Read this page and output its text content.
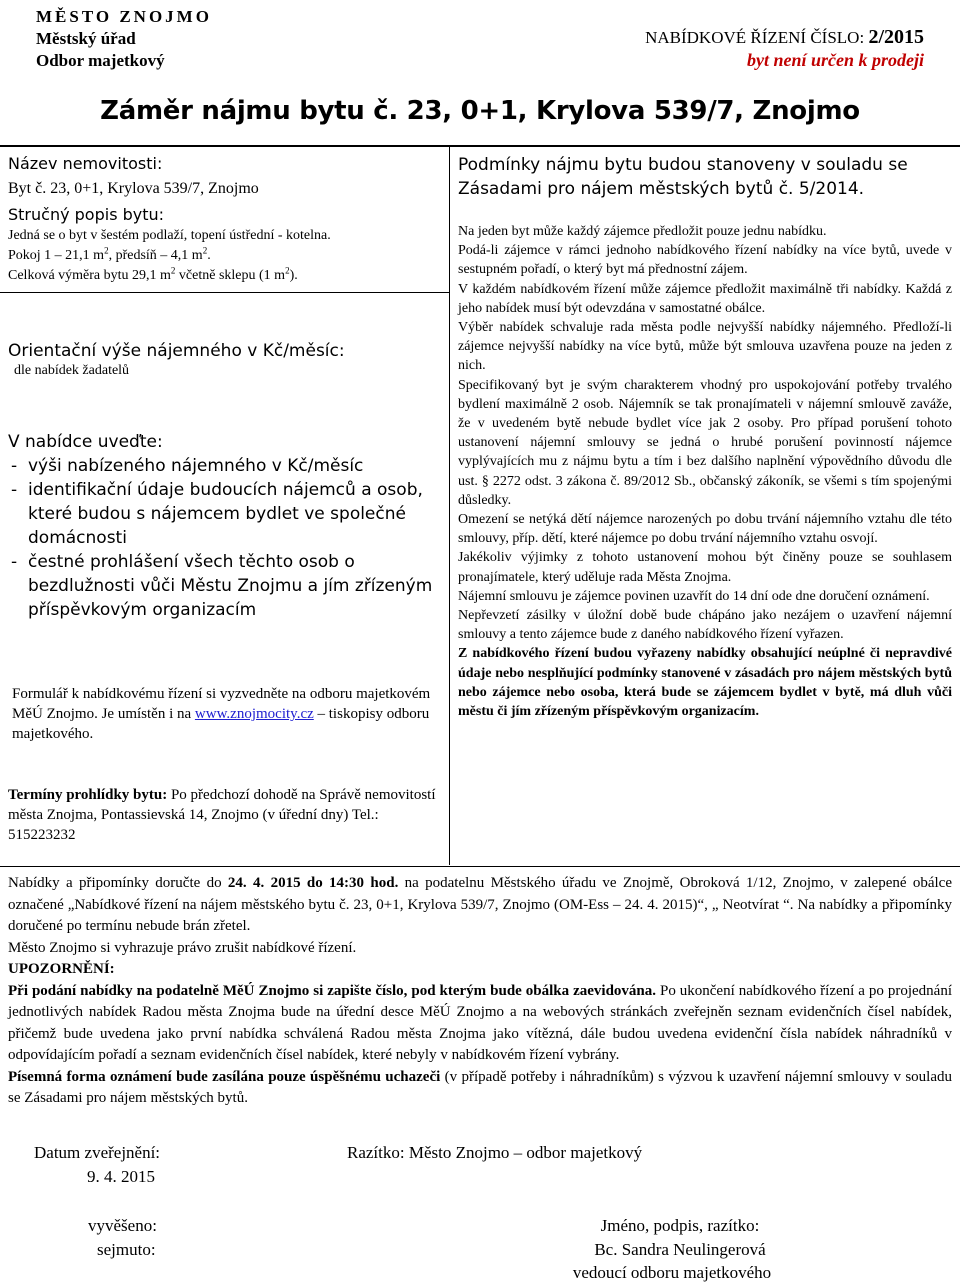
MĚSTO ZNOJMO
Městský úřad
Odbor majetkový
NABÍDKOVÉ ŘÍZENÍ ČÍSLO: 2/2015
byt není určen k prodeji
Záměr nájmu bytu č. 23, 0+1, Krylova 539/7, Znojmo
Název nemovitosti:
Byt č. 23, 0+1, Krylova 539/7, Znojmo
Stručný popis bytu:
Jedná se o byt v šestém podlaží, topení ústřední - kotelna.
Pokoj 1 – 21,1 $m^2$, předsíň – 4,1 $m^2$.
Celková výměra bytu 29,1 $m^2$ včetně sklepu (1 $m^2$).
Orientační výše nájemného v Kč/měsíc:
dle nabídek žadatelů
V nabídce uveďte:
- výši nabízeného nájemného v Kč/měsíc
- identifikační údaje budoucích nájemců a osob, které budou s nájemcem bydlet ve společné domácnosti
- čestné prohlášení všech těchto osob o bezdlužnosti vůči Městu Znojmu a jím zřízeným příspěvkovým organizacím
Formulář k nabídkovému řízení si vyzvedněte na odboru majetkovém MěÚ Znojmo. Je umístěn i na www.znojmocity.cz – tiskopisy odboru majetkového.
Termíny prohlídky bytu: Po předchozí dohodě na Správě nemovitostí města Znojma, Pontassievská 14, Znojmo (v úřední dny) Tel.: 515223232
Podmínky nájmu bytu budou stanoveny v souladu se Zásadami pro nájem městských bytů č. 5/2014.

Na jeden byt může každý zájemce předložit pouze jednu nabídku.

Podá-li zájemce v rámci jednoho nabídkového řízení nabídky na více bytů, uvede v sestupném pořadí, o který byt má přednostní zájem.

V každém nabídkovém řízení může zájemce předložit maximálně tři nabídky. Každá z jeho nabídek musí být odevzdána v samostatné obálce.

Výběr nabídek schvaluje rada města podle nejvyšší nabídky nájemného. Předloží-li zájemce nejvyšší nabídky na více bytů, může být smlouva uzavřena pouze na jeden z nich.

Specifikovaný byt je svým charakterem vhodný pro uspokojování potřeby trvalého bydlení maximálně 2 osob. Nájemník se tak pronajímateli v nájemní smlouvě zaváže, že v uvedeném bytě nebude bydlet více jak 2 osoby. Pro případ porušení tohoto ustanovení nájemní smlouvy se jedná o hrubé porušení povinností nájemce vyplývajících mu z nájmu bytu a tím i bez dalšího naplnění výpovědního důvodu dle ust. § 2272 odst. 3 zákona č. 89/2012 Sb., občanský zákoník, se všemi s tím spojenými důsledky.

Omezení se netýká dětí nájemce narozených po dobu trvání nájemního vztahu dle této smlouvy, příp. dětí, které nájemce po dobu trvání nájemního vztahu osvojí.

Jakékoliv výjimky z tohoto ustanovení mohou být činěny pouze se souhlasem pronajímatele, který uděluje rada Města Znojma.

Nájemní smlouvu je zájemce povinen uzavřít do 14 dní ode dne doručení oznámení.

Nepřevzetí zásilky v úložní době bude chápáno jako nezájem o uzavření nájemní smlouvy a tento zájemce bude z daného nabídkového řízení vyřazen.

Z nabídkového řízení budou vyřazeny nabídky obsahující neúplné či nepravdivé údaje nebo nesplňující podmínky stanovené v zásadách pro nájem městských bytů nebo zájemce nebo osoba, která bude se zájemcem bydlet v bytě, má dluh vůči městu či jím zřízeným příspěvkovým organizacím.

Nabídky a připomínky doručte do 24. 4. 2015 do 14:30 hod. na podatelnu Městského úřadu ve Znojmě, Obroková 1/12, Znojmo, v zalepené obálce označené „Nabídkové řízení na nájem městského bytu č. 23, 0+1, Krylova 539/7, Znojmo (OM-Ess – 24. 4. 2015)“, „ Neotvírat “. Na nabídky a připomínky doručené po termínu nebude brán zřetel.

Město Znojmo si vyhrazuje právo zrušit nabídkové řízení.

UPOZORNĚNÍ:

Při podání nabídky na podatelně MěÚ Znojmo si zapište číslo, pod kterým bude obálka zaevidována. Po ukončení nabídkového řízení a po projednání jednotlivých nabídek Radou města Znojma bude na úřední desce MěÚ Znojmo a na webových stránkách zveřejněn seznam evidenčních čísel nabídek, přičemž bude uvedena jako první nabídka schválená Radou města Znojma jako vítězná, dále budou uvedena evidenční čísla nabídek náhradníků v odpovídajícím pořadí a seznam evidenčních čísel nabídek, které nebyly v nabídkovém řízení vybrány.

Písemná forma oznámení bude zasílána pouze úspěšnému uchazeči (v případě potřeby i náhradníkům) s výzvou k uzavření nájemní smlouvy v souladu se Zásadami pro nájem městských bytů.

Datum zveřejnění:
9. 4. 2015
Razítko: Město Znojmo – odbor majetkový
vyvěšeno:
sejmuto:
Jméno, podpis, razítko:
Bc. Sandra Neulingerová
vedoucí odboru majetkového
